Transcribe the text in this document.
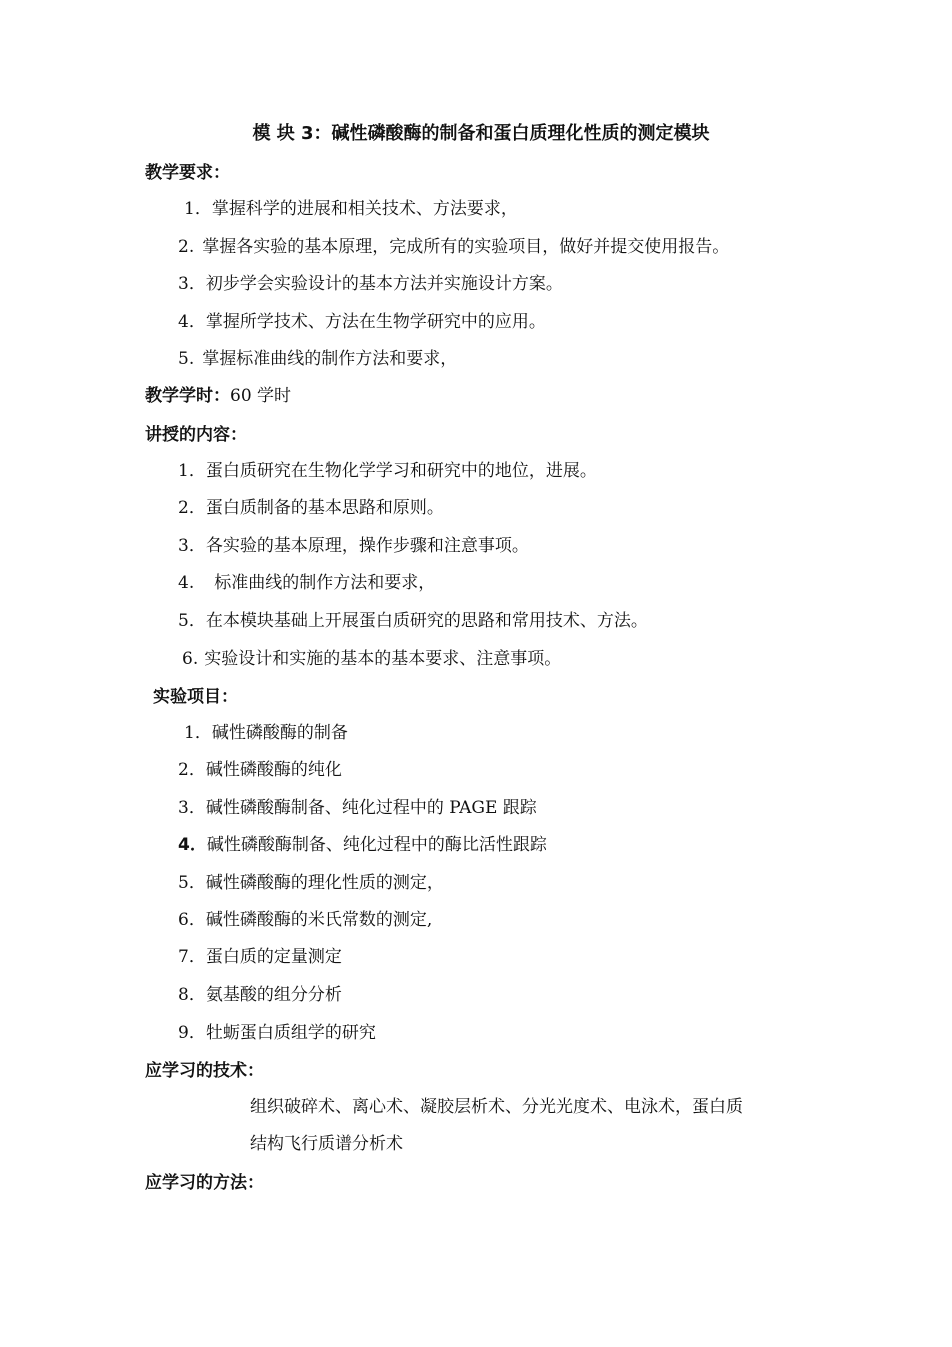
模 块 3：碱性磷酸酶的制备和蛋白质理化性质的测定模块
教学要求：
1．掌握科学的进展和相关技术、方法要求，
2. 掌握各实验的基本原理，完成所有的实验项目，做好并提交使用报告。
3．初步学会实验设计的基本方法并实施设计方案。
4．掌握所学技术、方法在生物学研究中的应用。
5. 掌握标准曲线的制作方法和要求，
教学学时：60 学时
讲授的内容：
1．蛋白质研究在生物化学学习和研究中的地位，进展。
2．蛋白质制备的基本思路和原则。
3．各实验的基本原理，操作步骤和注意事项。
4. 标准曲线的制作方法和要求，
5．在本模块基础上开展蛋白质研究的思路和常用技术、方法。
6. 实验设计和实施的基本的基本要求、注意事项。
实验项目：
1．碱性磷酸酶的制备
2．碱性磷酸酶的纯化
3．碱性磷酸酶制备、纯化过程中的 PAGE 跟踪
4．碱性磷酸酶制备、纯化过程中的酶比活性跟踪
5．碱性磷酸酶的理化性质的测定，
6．碱性磷酸酶的米氏常数的测定,
7．蛋白质的定量测定
8．氨基酸的组分分析
9．牡蛎蛋白质组学的研究
应学习的技术：
组织破碎术、离心术、凝胶层析术、分光光度术、电泳术，蛋白质
结构飞行质谱分析术
应学习的方法：
